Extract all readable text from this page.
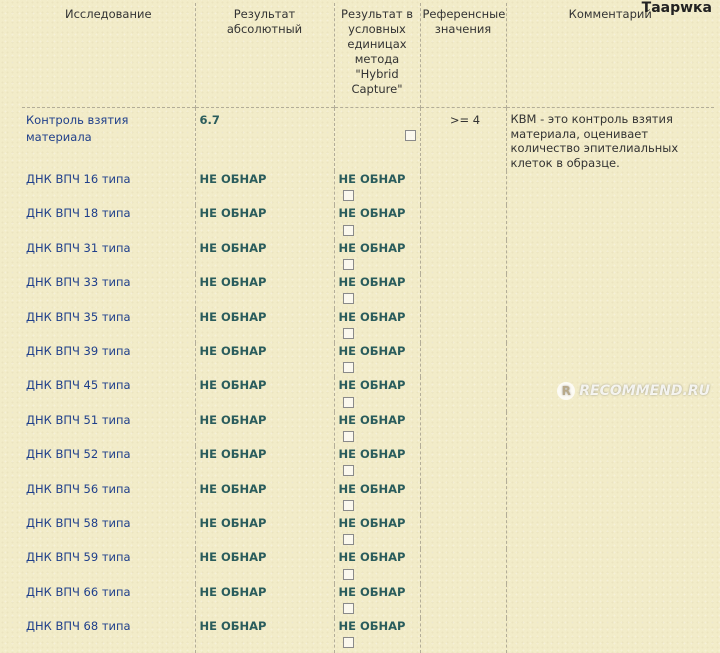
Исследование	Результат абсолютный	Результат в условных единицах метода "Hybrid Capture"	Референсные значения	Комментарий
Контроль взятия материала	6.7		>= 4	КВМ - это контроль взятия материала, оценивает количество эпителиальных клеток в образце.
ДНК ВПЧ 16 типа	НЕ ОБНАР	НЕ ОБНАР		
ДНК ВПЧ 18 типа	НЕ ОБНАР	НЕ ОБНАР		
ДНК ВПЧ 31 типа	НЕ ОБНАР	НЕ ОБНАР		
ДНК ВПЧ 33 типа	НЕ ОБНАР	НЕ ОБНАР		
ДНК ВПЧ 35 типа	НЕ ОБНАР	НЕ ОБНАР		
ДНК ВПЧ 39 типа	НЕ ОБНАР	НЕ ОБНАР		
ДНК ВПЧ 45 типа	НЕ ОБНАР	НЕ ОБНАР		
ДНК ВПЧ 51 типа	НЕ ОБНАР	НЕ ОБНАР		
ДНК ВПЧ 52 типа	НЕ ОБНАР	НЕ ОБНАР		
ДНК ВПЧ 56 типа	НЕ ОБНАР	НЕ ОБНАР		
ДНК ВПЧ 58 типа	НЕ ОБНАР	НЕ ОБНАР		
ДНК ВПЧ 59 типа	НЕ ОБНАР	НЕ ОБНАР		
ДНК ВПЧ 66 типа	НЕ ОБНАР	НЕ ОБНАР		
ДНК ВПЧ 68 типа	НЕ ОБНАР	НЕ ОБНАР		
Таарwка
R RECOMMEND.RU
